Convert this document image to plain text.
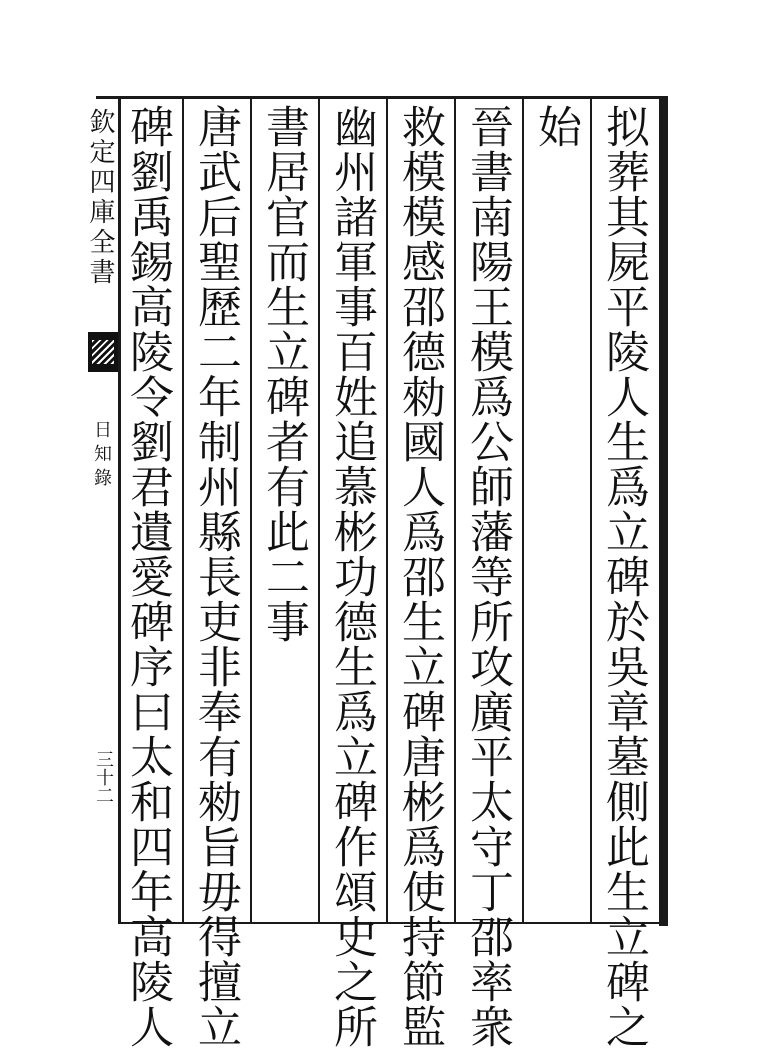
拟葬其屍平陵人生爲立碑於吳章墓側此生立碑之
始
晉書南陽王模爲公師藩等所攻廣平太守丁邵率衆
救模模感邵德勑國人爲邵生立碑唐彬爲使持節監
幽州諸軍事百姓追慕彬功德生爲立碑作頌史之所
書居官而生立碑者有此二事
唐武后聖歷二年制州縣長吏非奉有勑旨毋得擅立
碑劉禹錫高陵令劉君遺愛碑序曰太和四年高陵人
欽定四庫全書
日知錄
三十二
